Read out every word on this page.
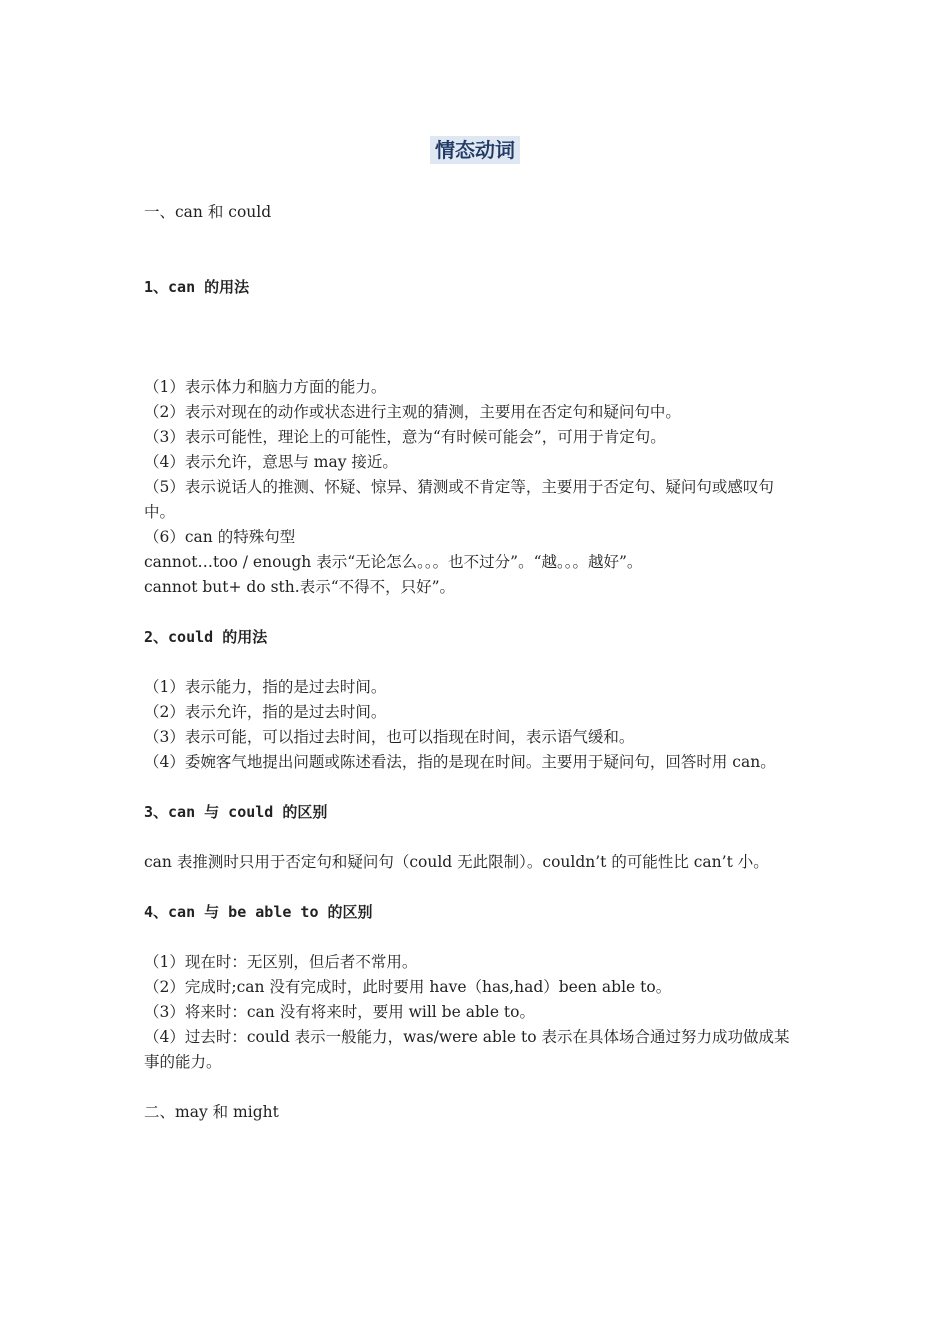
情态动词
一、can 和 could
1、can 的用法
（1）表示体力和脑力方面的能力。
（2）表示对现在的动作或状态进行主观的猜测，主要用在否定句和疑问句中。
（3）表示可能性，理论上的可能性，意为“有时候可能会”，可用于肯定句。
（4）表示允许，意思与 may 接近。
（5）表示说话人的推测、怀疑、惊异、猜测或不肯定等，主要用于否定句、疑问句或感叹句中。
（6）can 的特殊句型
cannot…too / enough 表示“无论怎么。。。也不过分”。“越。。。越好”。
cannot but+ do sth.表示“不得不，只好”。
2、could 的用法
（1）表示能力，指的是过去时间。
（2）表示允许，指的是过去时间。
（3）表示可能，可以指过去时间，也可以指现在时间，表示语气缓和。
（4）委婉客气地提出问题或陈述看法，指的是现在时间。主要用于疑问句，回答时用 can。
3、can 与 could 的区别
can 表推测时只用于否定句和疑问句（could 无此限制）。couldn’t 的可能性比 can’t 小。
4、can 与 be able to 的区别
（1）现在时：无区别，但后者不常用。
（2）完成时;can 没有完成时，此时要用 have（has,had）been able to。
（3）将来时：can 没有将来时，要用 will be able to。
（4）过去时：could 表示一般能力，was/were able to 表示在具体场合通过努力成功做成某事的能力。
二、may 和 might
